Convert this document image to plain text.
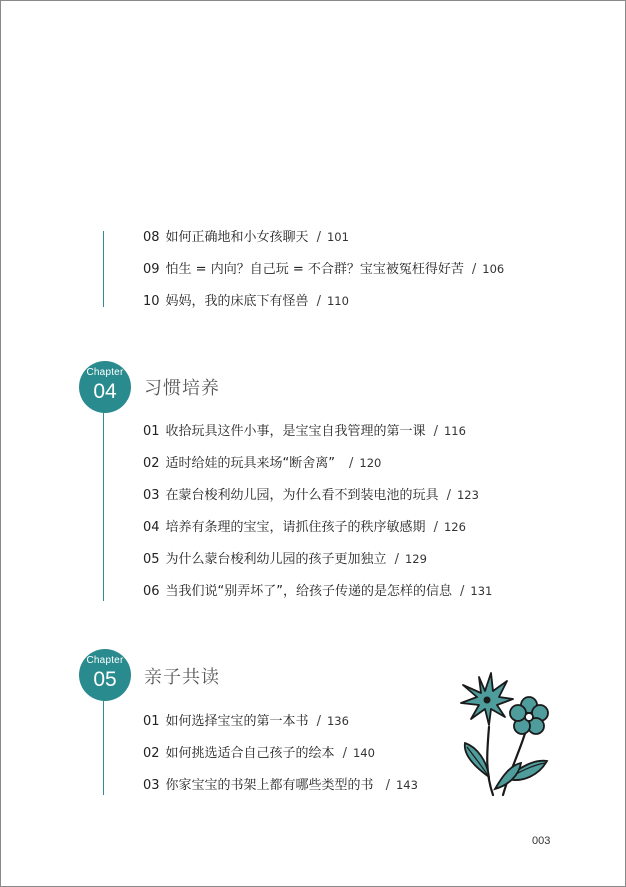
08 如何正确地和小女孩聊天 / 101
09 怕生 = 内向？自己玩 = 不合群？宝宝被冤枉得好苦 / 106
10 妈妈，我的床底下有怪兽 / 110
Chapter
04	习惯培养
01 收拾玩具这件小事，是宝宝自我管理的第一课 / 116
02 适时给娃的玩具来场“断舍离” / 120
03 在蒙台梭利幼儿园，为什么看不到装电池的玩具 / 123
04 培养有条理的宝宝，请抓住孩子的秩序敏感期 / 126
05 为什么蒙台梭利幼儿园的孩子更加独立 / 129
06 当我们说“别弄坏了”，给孩子传递的是怎样的信息 / 131
Chapter
05	亲子共读
01 如何选择宝宝的第一本书 / 136
02 如何挑选适合自己孩子的绘本 / 140
03 你家宝宝的书架上都有哪些类型的书 / 143
003
